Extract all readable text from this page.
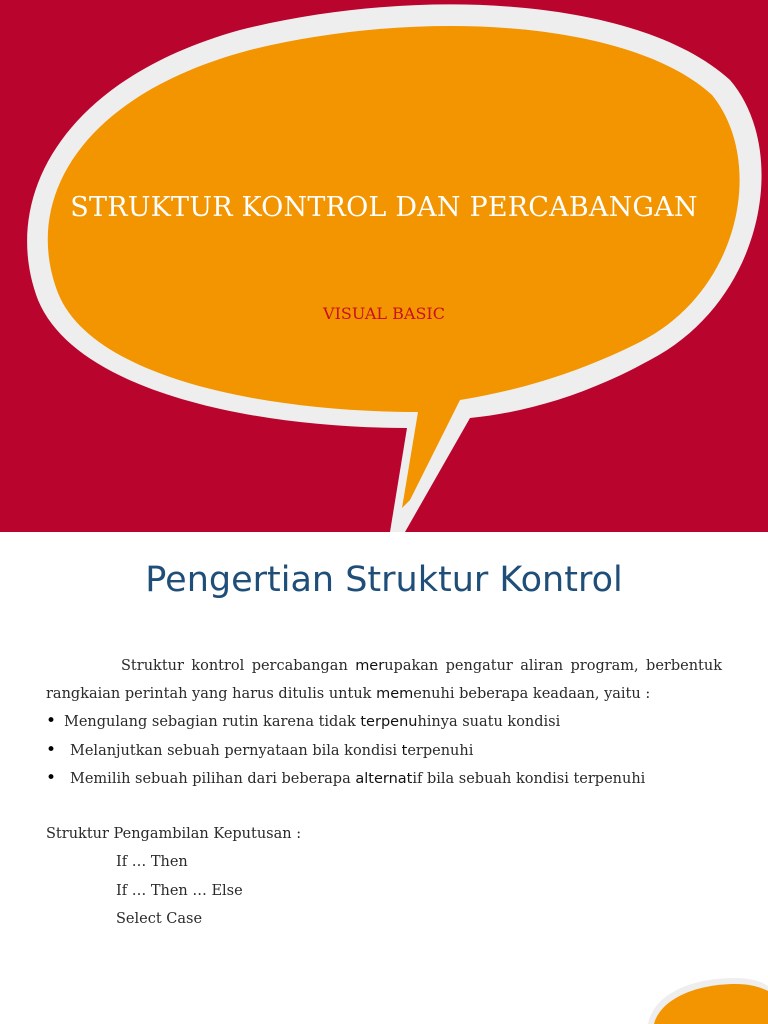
STRUKTUR KONTROL DAN PERCABANGAN
VISUAL BASIC
Pengertian Struktur Kontrol
Struktur kontrol percabangan merupakan pengatur aliran program, berbentuk
rangkaian perintah yang harus ditulis untuk memenuhi beberapa keadaan, yaitu :
• Mengulang sebagian rutin karena tidak terpenuhinya suatu kondisi
• Melanjutkan sebuah pernyataan bila kondisi terpenuhi
• Memilih sebuah pilihan dari beberapa alternatif bila sebuah kondisi terpenuhi
Struktur Pengambilan Keputusan :
If … Then
If … Then … Else
Select Case
